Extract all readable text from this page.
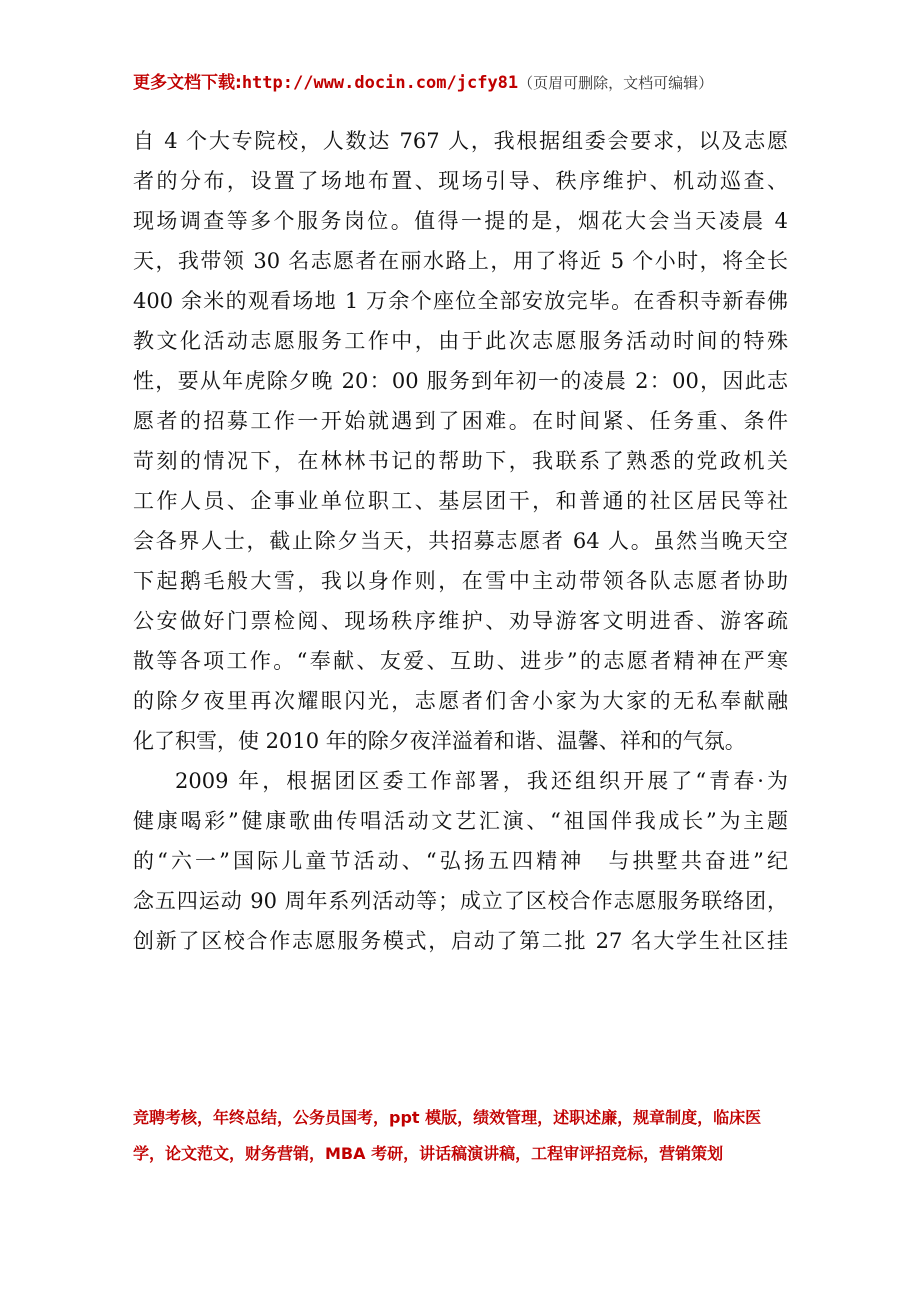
更多文档下载:http://www.docin.com/jcfy81（页眉可删除，文档可编辑）
自 4 个大专院校，人数达 767 人，我根据组委会要求，以及志愿
者的分布，设置了场地布置、现场引导、秩序维护、机动巡查、
现场调查等多个服务岗位。值得一提的是，烟花大会当天凌晨 4
天，我带领 30 名志愿者在丽水路上，用了将近 5 个小时，将全长
400 余米的观看场地 1 万余个座位全部安放完毕。在香积寺新春佛
教文化活动志愿服务工作中，由于此次志愿服务活动时间的特殊
性，要从年虎除夕晚 20：00 服务到年初一的凌晨 2：00，因此志
愿者的招募工作一开始就遇到了困难。在时间紧、任务重、条件
苛刻的情况下，在林林书记的帮助下，我联系了熟悉的党政机关
工作人员、企事业单位职工、基层团干，和普通的社区居民等社
会各界人士，截止除夕当天，共招募志愿者 64 人。虽然当晚天空
下起鹅毛般大雪，我以身作则，在雪中主动带领各队志愿者协助
公安做好门票检阅、现场秩序维护、劝导游客文明进香、游客疏
散等各项工作。“奉献、友爱、互助、进步”的志愿者精神在严寒
的除夕夜里再次耀眼闪光，志愿者们舍小家为大家的无私奉献融
化了积雪，使 2010 年的除夕夜洋溢着和谐、温馨、祥和的气氛。
2009 年，根据团区委工作部署，我还组织开展了“青春·为
健康喝彩”健康歌曲传唱活动文艺汇演、“祖国伴我成长”为主题
的“六一”国际儿童节活动、“弘扬五四精神　与拱墅共奋进”纪
念五四运动 90 周年系列活动等；成立了区校合作志愿服务联络团，
创新了区校合作志愿服务模式，启动了第二批 27 名大学生社区挂
竞聘考核，年终总结，公务员国考，ppt 模版，绩效管理，述职述廉，规章制度，临床医
学，论文范文，财务营销，MBA 考研，讲话稿演讲稿，工程审评招竞标，营销策划
